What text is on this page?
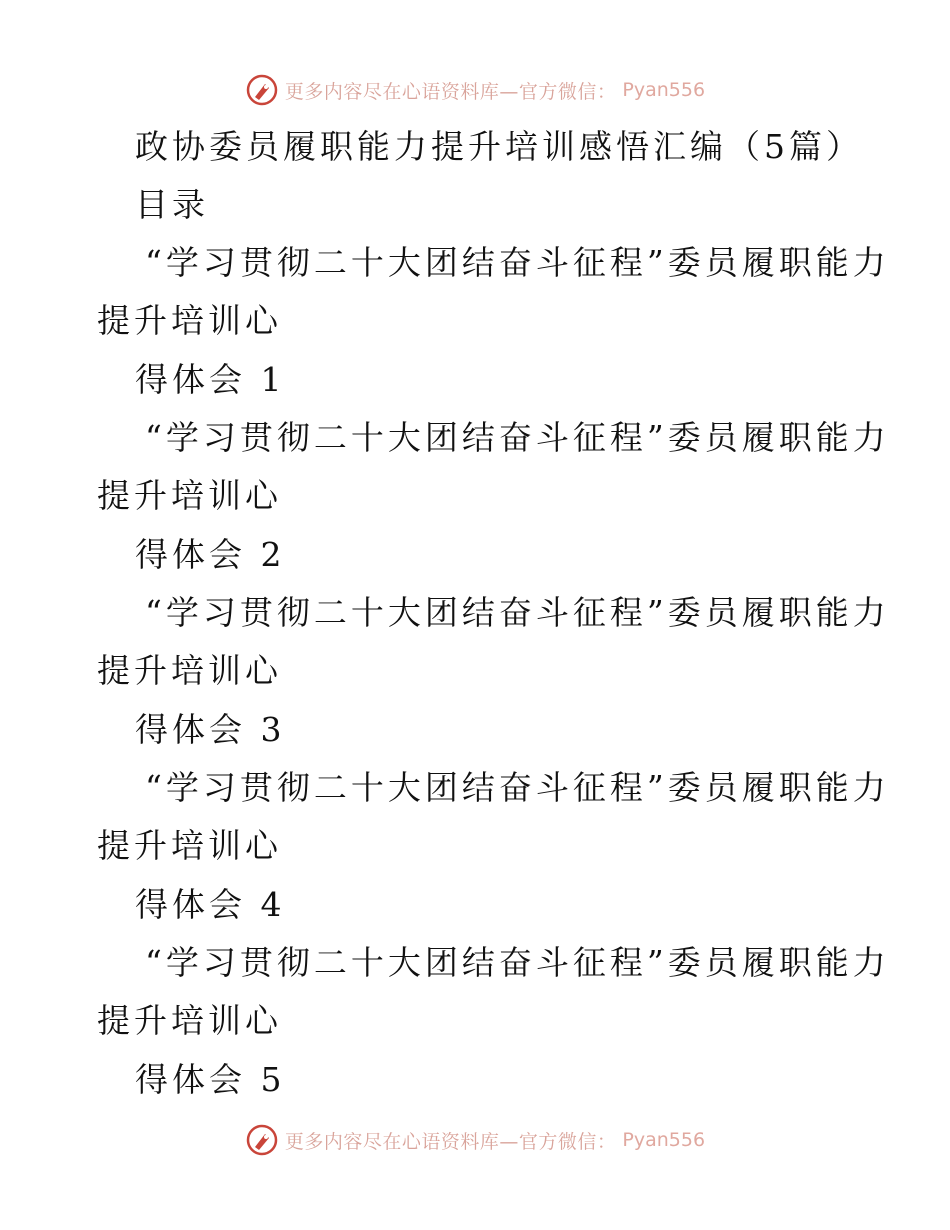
更多内容尽在心语资料库—官方微信： Pyan556
政协委员履职能力提升培训感悟汇编（5篇）
目录
“学习贯彻二十大团结奋斗征程”委员履职能力
提升培训心
得体会 1
“学习贯彻二十大团结奋斗征程”委员履职能力
提升培训心
得体会 2
“学习贯彻二十大团结奋斗征程”委员履职能力
提升培训心
得体会 3
“学习贯彻二十大团结奋斗征程”委员履职能力
提升培训心
得体会 4
“学习贯彻二十大团结奋斗征程”委员履职能力
提升培训心
得体会 5
更多内容尽在心语资料库—官方微信： Pyan556
